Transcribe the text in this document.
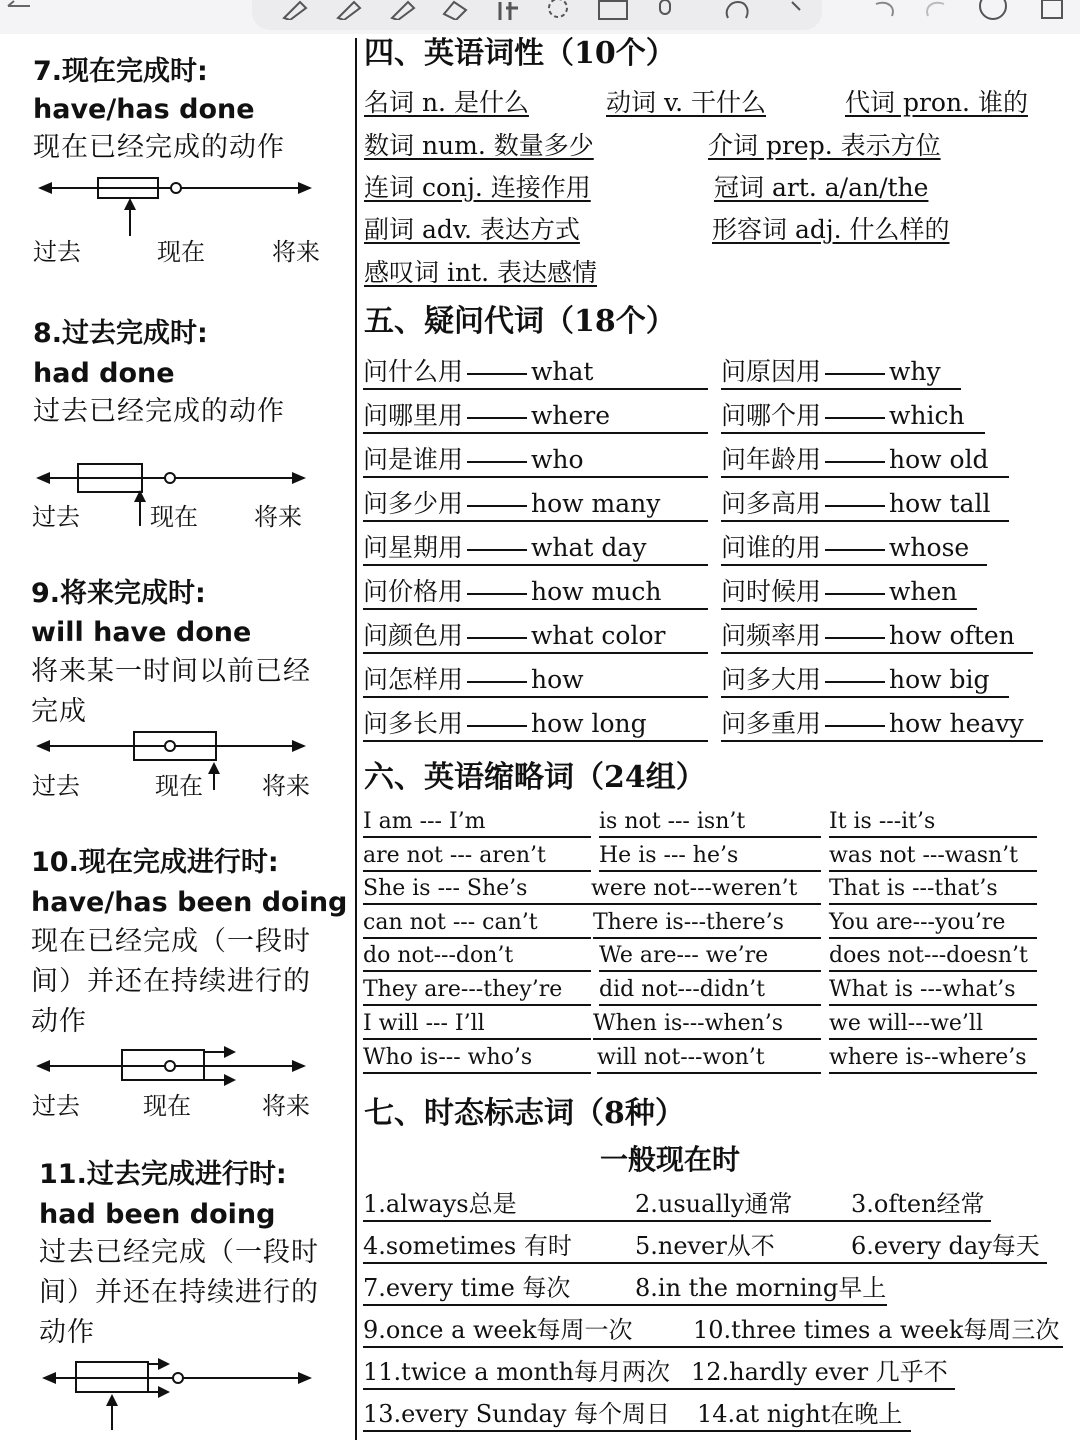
7.现在完成时:
have/has done
现在已经完成的动作
过去	现在	将来
8.过去完成时:
had done
过去已经完成的动作
过去	现在 将来
9.将来完成时:
will have done
将来某一时间以前已经完成
过去	现在 将来
10.现在完成进行时:
have/has been doing
现在已经完成（一段时间）并还在持续进行的动作
过去	现在	将来
11.过去完成进行时:
had been doing
过去已经完成（一段时间）并还在持续进行的动作
四、英语词性（10个）
名词 n. 是什么	动词 v. 干什么	代词 pron. 谁的
数词 num. 数量多少	介词 prep. 表示方位
连词 conj. 连接作用	冠词 art. a/an/the
副词 adv. 表达方式	形容词 adj. 什么样的
感叹词 int. 表达感情
五、疑问代词（18个）
问什么用	what	问原因用	why
问哪里用	where	问哪个用	which
问是谁用	who	问年龄用	how old
问多少用	how many	问多高用	how tall
问星期用	what day	问谁的用	whose
问价格用	how much	问时候用	when
问颜色用	what color	问频率用	how often
问怎样用	how	问多大用	how big
问多长用	how long	问多重用	how heavy
六、英语缩略词（24组）
I am --- I’m	is not --- isn’t	It is ---it’s
are not --- aren’t	He is --- he’s	was not ---wasn’t
She is --- She’s	were not---weren’t	That is ---that’s
can not --- can’t	There is---there’s	You are---you’re
do not---don’t	We are--- we’re	does not---doesn’t
They are---they’re	did not---didn’t	What is ---what’s
I will --- I’ll	When is---when’s	we will---we’ll
Who is--- who’s	will not---won’t	where is--where’s
七、时态标志词（8种）
一般现在时
1.always总是	2.usually通常	3.often经常
4.sometimes 有时	5.never从不	6.every day每天
7.every time 每次	8.in the morning早上
9.once a week每周一次	10.three times a week每周三次
11.twice a month每月两次 12.hardly ever 几乎不
13.every Sunday 每个周日	14.at night在晚上
